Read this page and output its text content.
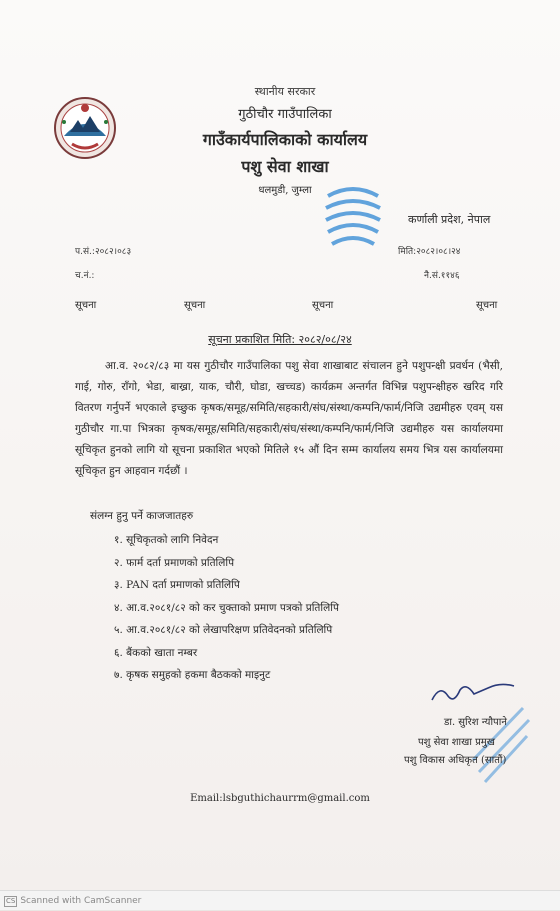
स्थानीय सरकार
गुठीचौर गाउँपालिका
गाउँकार्यपालिकाको कार्यालय
पशु सेवा शाखा
धलमुडी, जुम्ला
कर्णाली प्रदेश, नेपाल
प.सं.:२०८२।०८३
च.नं.:
मिति:२०८२।०८।२४
नै.सं.११४६
सूचना	सूचना	सूचना	सूचना
सूचना प्रकाशित मिति: २०८२/०८/२४
आ.व. २०८२/८३ मा यस गुठीचौर गाउँपालिका पशु सेवा शाखाबाट संचालन हुने पशुपन्क्षी प्रवर्धन (भैसी, गाई, गोरु, राँगो, भेडा, बाख्रा, याक, चौरी, घोडा, खच्चड) कार्यक्रम अन्तर्गत विभिन्न पशुपन्क्षीहरु खरिद गरि वितरण गर्नुपर्ने भएकाले इच्छुक कृषक/समूह/समिति/सहकारी/संघ/संस्था/कम्पनि/फार्म/निजि उद्यमीहरु एवम् यस गुठीचौर गा.पा भित्रका कृषक/समूह/समिति/सहकारी/संघ/संस्था/कम्पनि/फार्म/निजि उद्यमीहरु यस कार्यालयमा सूचिकृत हुनको लागि यो सूचना प्रकाशित भएको मितिले १५ औं दिन सम्म कार्यालय समय भित्र यस कार्यालयमा सूचिकृत हुन आहवान गर्दछौं ।
संलग्न हुनु पर्ने काजजातहरु
१. सूचिकृतको लागि निवेदन
२. फार्म दर्ता प्रमाणको प्रतिलिपि
३. PAN दर्ता प्रमाणको प्रतिलिपि
४. आ.व.२०८१/८२ को कर चुक्ताको प्रमाण पत्रको प्रतिलिपि
५. आ.व.२०८१/८२ को लेखापरिक्षण प्रतिवेदनको प्रतिलिपि
६. बैंकको खाता नम्बर
७. कृषक समुहको हकमा बैठकको माइनुट
डा. सुरिश न्यौपाने
पशु सेवा शाखा प्रमुख
पशु विकास अधिकृत (सातौं)
Email:lsbguthichaurrm@gmail.com
CS Scanned with CamScanner
